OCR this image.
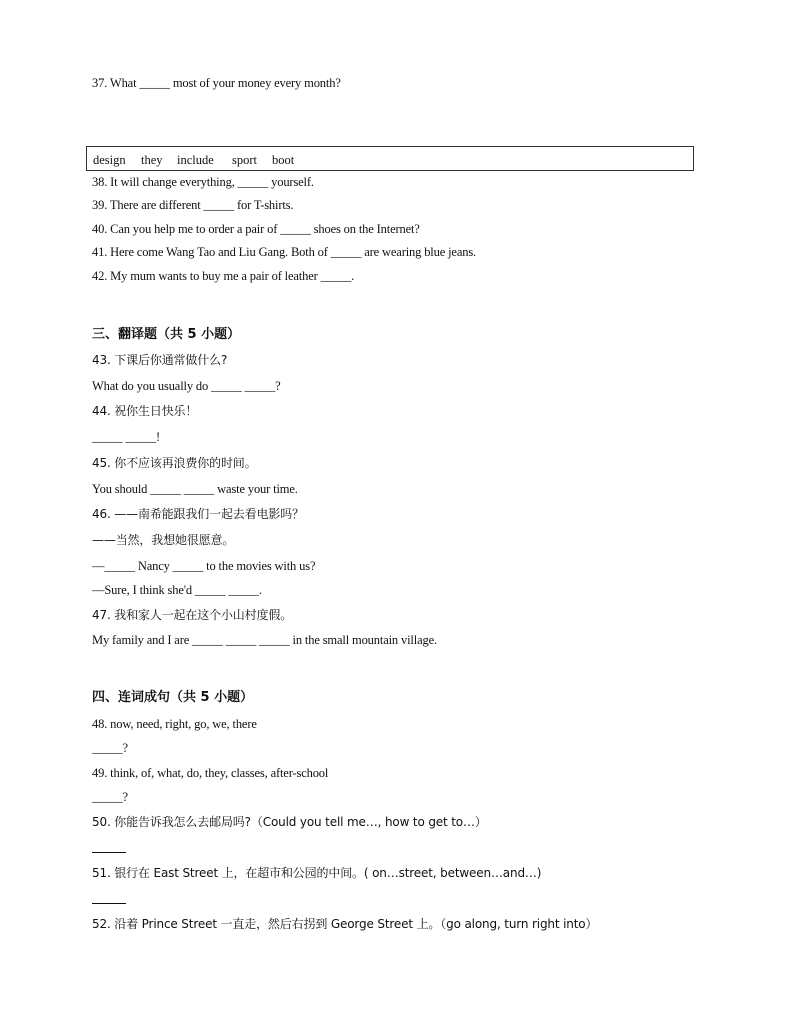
37. What _____ most of your money every month?
design they include sport boot
38. It will change everything, _____ yourself.
39. There are different _____ for T-shirts.
40. Can you help me to order a pair of _____ shoes on the Internet?
41. Here come Wang Tao and Liu Gang. Both of _____ are wearing blue jeans.
42. My mum wants to buy me a pair of leather _____.
三、翻译题（共 5 小题）
43. 下课后你通常做什么?
What do you usually do _____ _____?
44. 祝你生日快乐！
_____ _____!
45. 你不应该再浪费你的时间。
You should _____ _____ waste your time.
46. ——南希能跟我们一起去看电影吗？
——当然，我想她很愿意。
—_____ Nancy _____ to the movies with us?
—Sure, I think she'd _____ _____.
47. 我和家人一起在这个小山村度假。
My family and I are _____ _____ _____ in the small mountain village.
四、连词成句（共 5 小题）
48. now, need, right, go, we, there
_____?
49. think, of, what, do, they, classes, after-school
_____?
50. 你能告诉我怎么去邮局吗?（Could you tell me…, how to get to…）
51. 银行在 East Street 上，在超市和公园的中间。( on…street, between…and…)
52. 沿着 Prince Street 一直走，然后右拐到 George Street 上。（go along, turn right into）
